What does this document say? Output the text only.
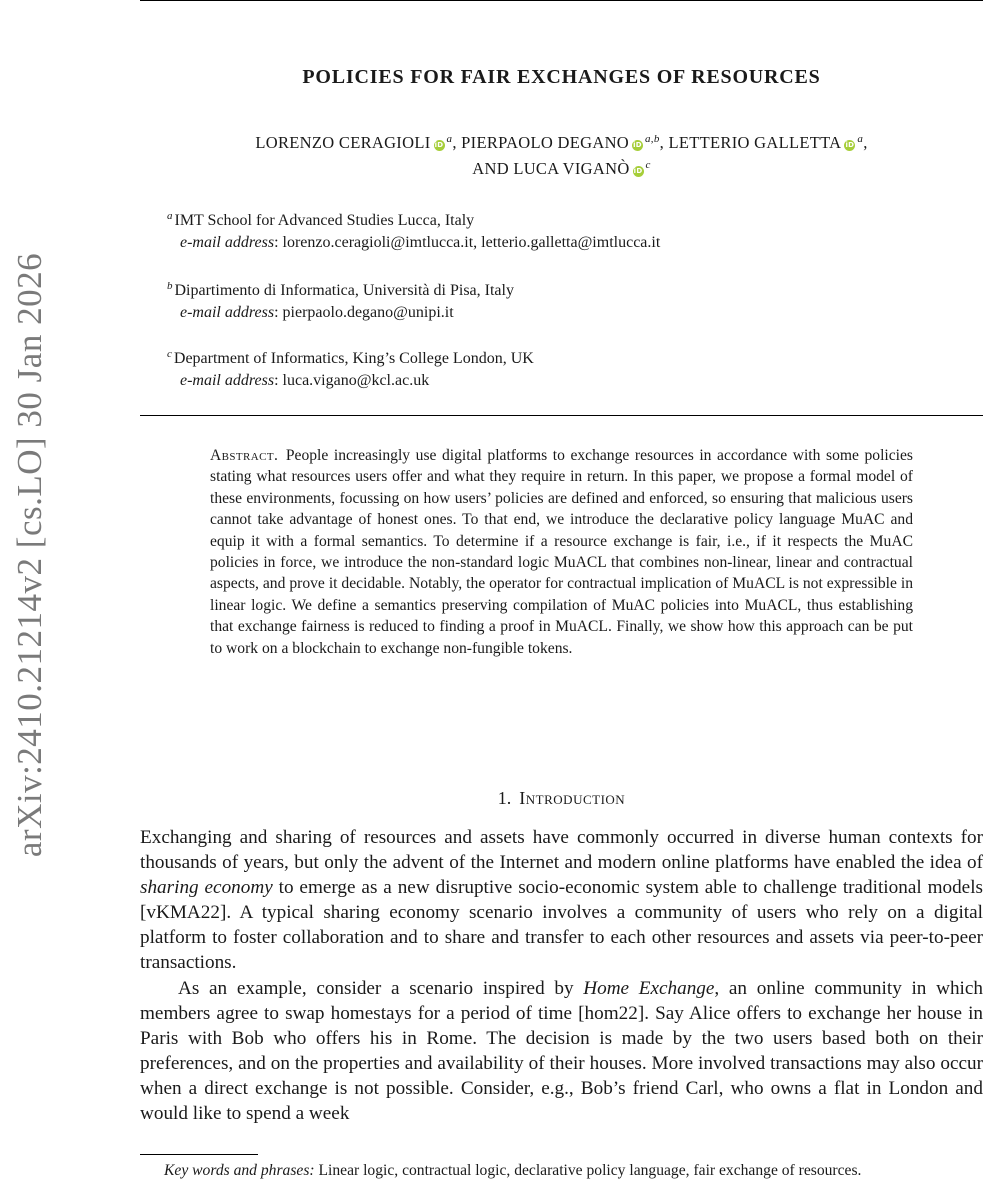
arXiv:2410.21214v2 [cs.LO] 30 Jan 2026
POLICIES FOR FAIR EXCHANGES OF RESOURCES
LORENZO CERAGIOLI iD $^a$, PIERPAOLO DEGANO iD $^{a,b}$, LETTERIO GALLETTA iD $^a$,
AND LUCA VIGANÒ iD $^c$
$^a$ IMT School for Advanced Studies Lucca, Italy
e-mail address: lorenzo.ceragioli@imtlucca.it, letterio.galletta@imtlucca.it
$^b$ Dipartimento di Informatica, Università di Pisa, Italy
e-mail address: pierpaolo.degano@unipi.it
$^c$ Department of Informatics, King’s College London, UK
e-mail address: luca.vigano@kcl.ac.uk
Abstract. People increasingly use digital platforms to exchange resources in accordance with some policies stating what resources users offer and what they require in return. In this paper, we propose a formal model of these environments, focussing on how users’ policies are defined and enforced, so ensuring that malicious users cannot take advantage of honest ones. To that end, we introduce the declarative policy language MuAC and equip it with a formal semantics. To determine if a resource exchange is fair, i.e., if it respects the MuAC policies in force, we introduce the non-standard logic MuACL that combines non-linear, linear and contractual aspects, and prove it decidable. Notably, the operator for contractual implication of MuACL is not expressible in linear logic. We define a semantics preserving compilation of MuAC policies into MuACL, thus establishing that exchange fairness is reduced to finding a proof in MuACL. Finally, we show how this approach can be put to work on a blockchain to exchange non-fungible tokens.
1. Introduction

Exchanging and sharing of resources and assets have commonly occurred in diverse human contexts for thousands of years, but only the advent of the Internet and modern online platforms have enabled the idea of sharing economy to emerge as a new disruptive socio-economic system able to challenge traditional models [vKMA22]. A typical sharing economy scenario involves a community of users who rely on a digital platform to foster collaboration and to share and transfer to each other resources and assets via peer-to-peer transactions.

As an example, consider a scenario inspired by Home Exchange, an online community in which members agree to swap homestays for a period of time [hom22]. Say Alice offers to exchange her house in Paris with Bob who offers his in Rome. The decision is made by the two users based both on their preferences, and on the properties and availability of their houses. More involved transactions may also occur when a direct exchange is not possible. Consider, e.g., Bob’s friend Carl, who owns a flat in London and would like to spend a week

Key words and phrases: Linear logic, contractual logic, declarative policy language, fair exchange of resources.
